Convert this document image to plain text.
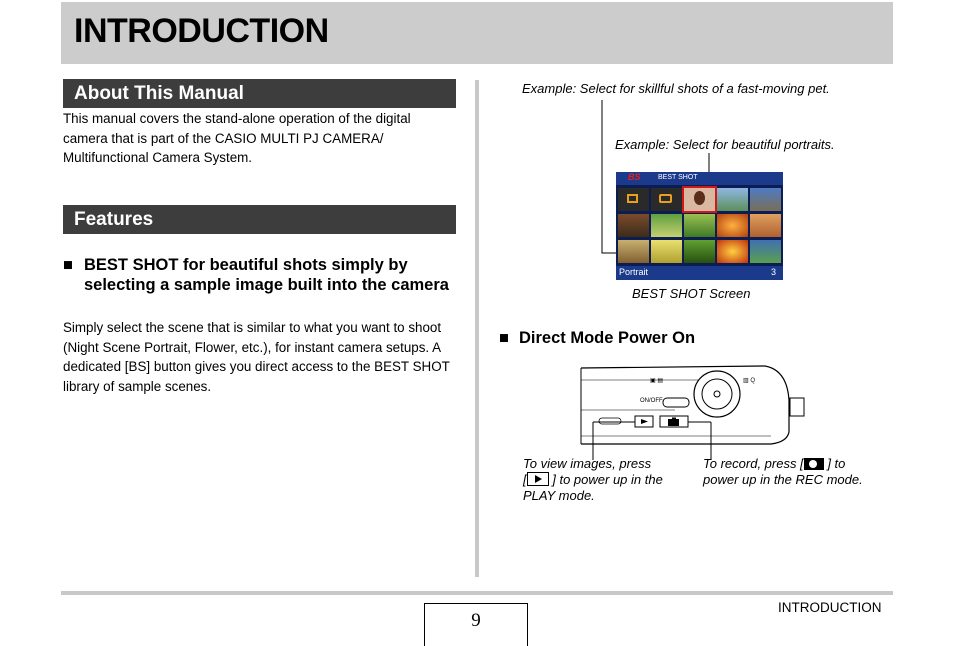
INTRODUCTION
About This Manual
This manual covers the stand-alone operation of the digital camera that is part of the CASIO MULTI PJ CAMERA/ Multifunctional Camera System.
Features
■ BEST SHOT for beautiful shots simply by selecting a sample image built into the camera
Simply select the scene that is similar to what you want to shoot (Night Scene Portrait, Flower, etc.), for instant camera setups. A dedicated [BS] button gives you direct access to the BEST SHOT library of sample scenes.
Example: Select for skillful shots of a fast-moving pet.
Example: Select for beautiful portraits.
BS BEST SHOT
Portrait	3
BEST SHOT Screen
■ Direct Mode Power On
▣ ▤	▥ Q
ON/OFF
To view images, press
[ ] to power up in the PLAY mode.
To record, press [ ] to power up in the REC mode.
9
INTRODUCTION
